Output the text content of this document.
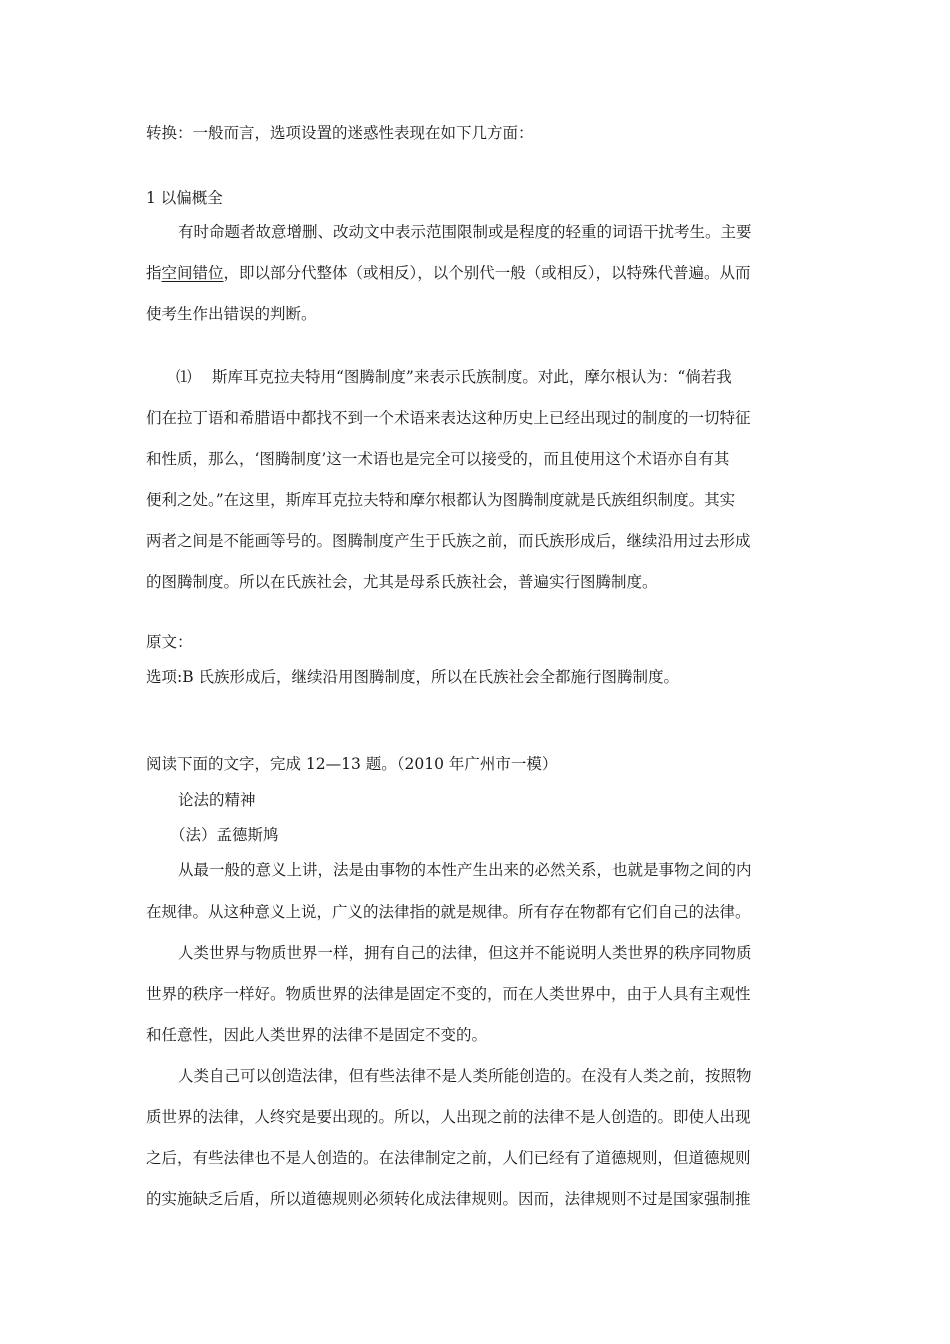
转换：一般而言，选项设置的迷惑性表现在如下几方面：
1 以偏概全
有时命题者故意增删、改动文中表示范围限制或是程度的轻重的词语干扰考生。主要
指空间错位，即以部分代整体（或相反），以个别代一般（或相反），以特殊代普遍。从而
使考生作出错误的判断。
⑴	斯库耳克拉夫特用“图腾制度”来表示氏族制度。对此，摩尔根认为：“倘若我
们在拉丁语和希腊语中都找不到一个术语来表达这种历史上已经出现过的制度的一切特征
和性质，那么，‘图腾制度’这一术语也是完全可以接受的，而且使用这个术语亦自有其
便利之处。”在这里，斯库耳克拉夫特和摩尔根都认为图腾制度就是氏族组织制度。其实
两者之间是不能画等号的。图腾制度产生于氏族之前，而氏族形成后，继续沿用过去形成
的图腾制度。所以在氏族社会，尤其是母系氏族社会，普遍实行图腾制度。
原文：
选项:B 氏族形成后，继续沿用图腾制度，所以在氏族社会全都施行图腾制度。
阅读下面的文字，完成 12—13 题。（2010 年广州市一模）
论法的精神
（法）孟德斯鸠
从最一般的意义上讲，法是由事物的本性产生出来的必然关系，也就是事物之间的内
在规律。从这种意义上说，广义的法律指的就是规律。所有存在物都有它们自己的法律。
人类世界与物质世界一样，拥有自己的法律，但这并不能说明人类世界的秩序同物质
世界的秩序一样好。物质世界的法律是固定不变的，而在人类世界中，由于人具有主观性
和任意性，因此人类世界的法律不是固定不变的。
人类自己可以创造法律，但有些法律不是人类所能创造的。在没有人类之前，按照物
质世界的法律，人终究是要出现的。所以，人出现之前的法律不是人创造的。即使人出现
之后，有些法律也不是人创造的。在法律制定之前，人们已经有了道德规则，但道德规则
的实施缺乏后盾，所以道德规则必须转化成法律规则。因而，法律规则不过是国家强制推
